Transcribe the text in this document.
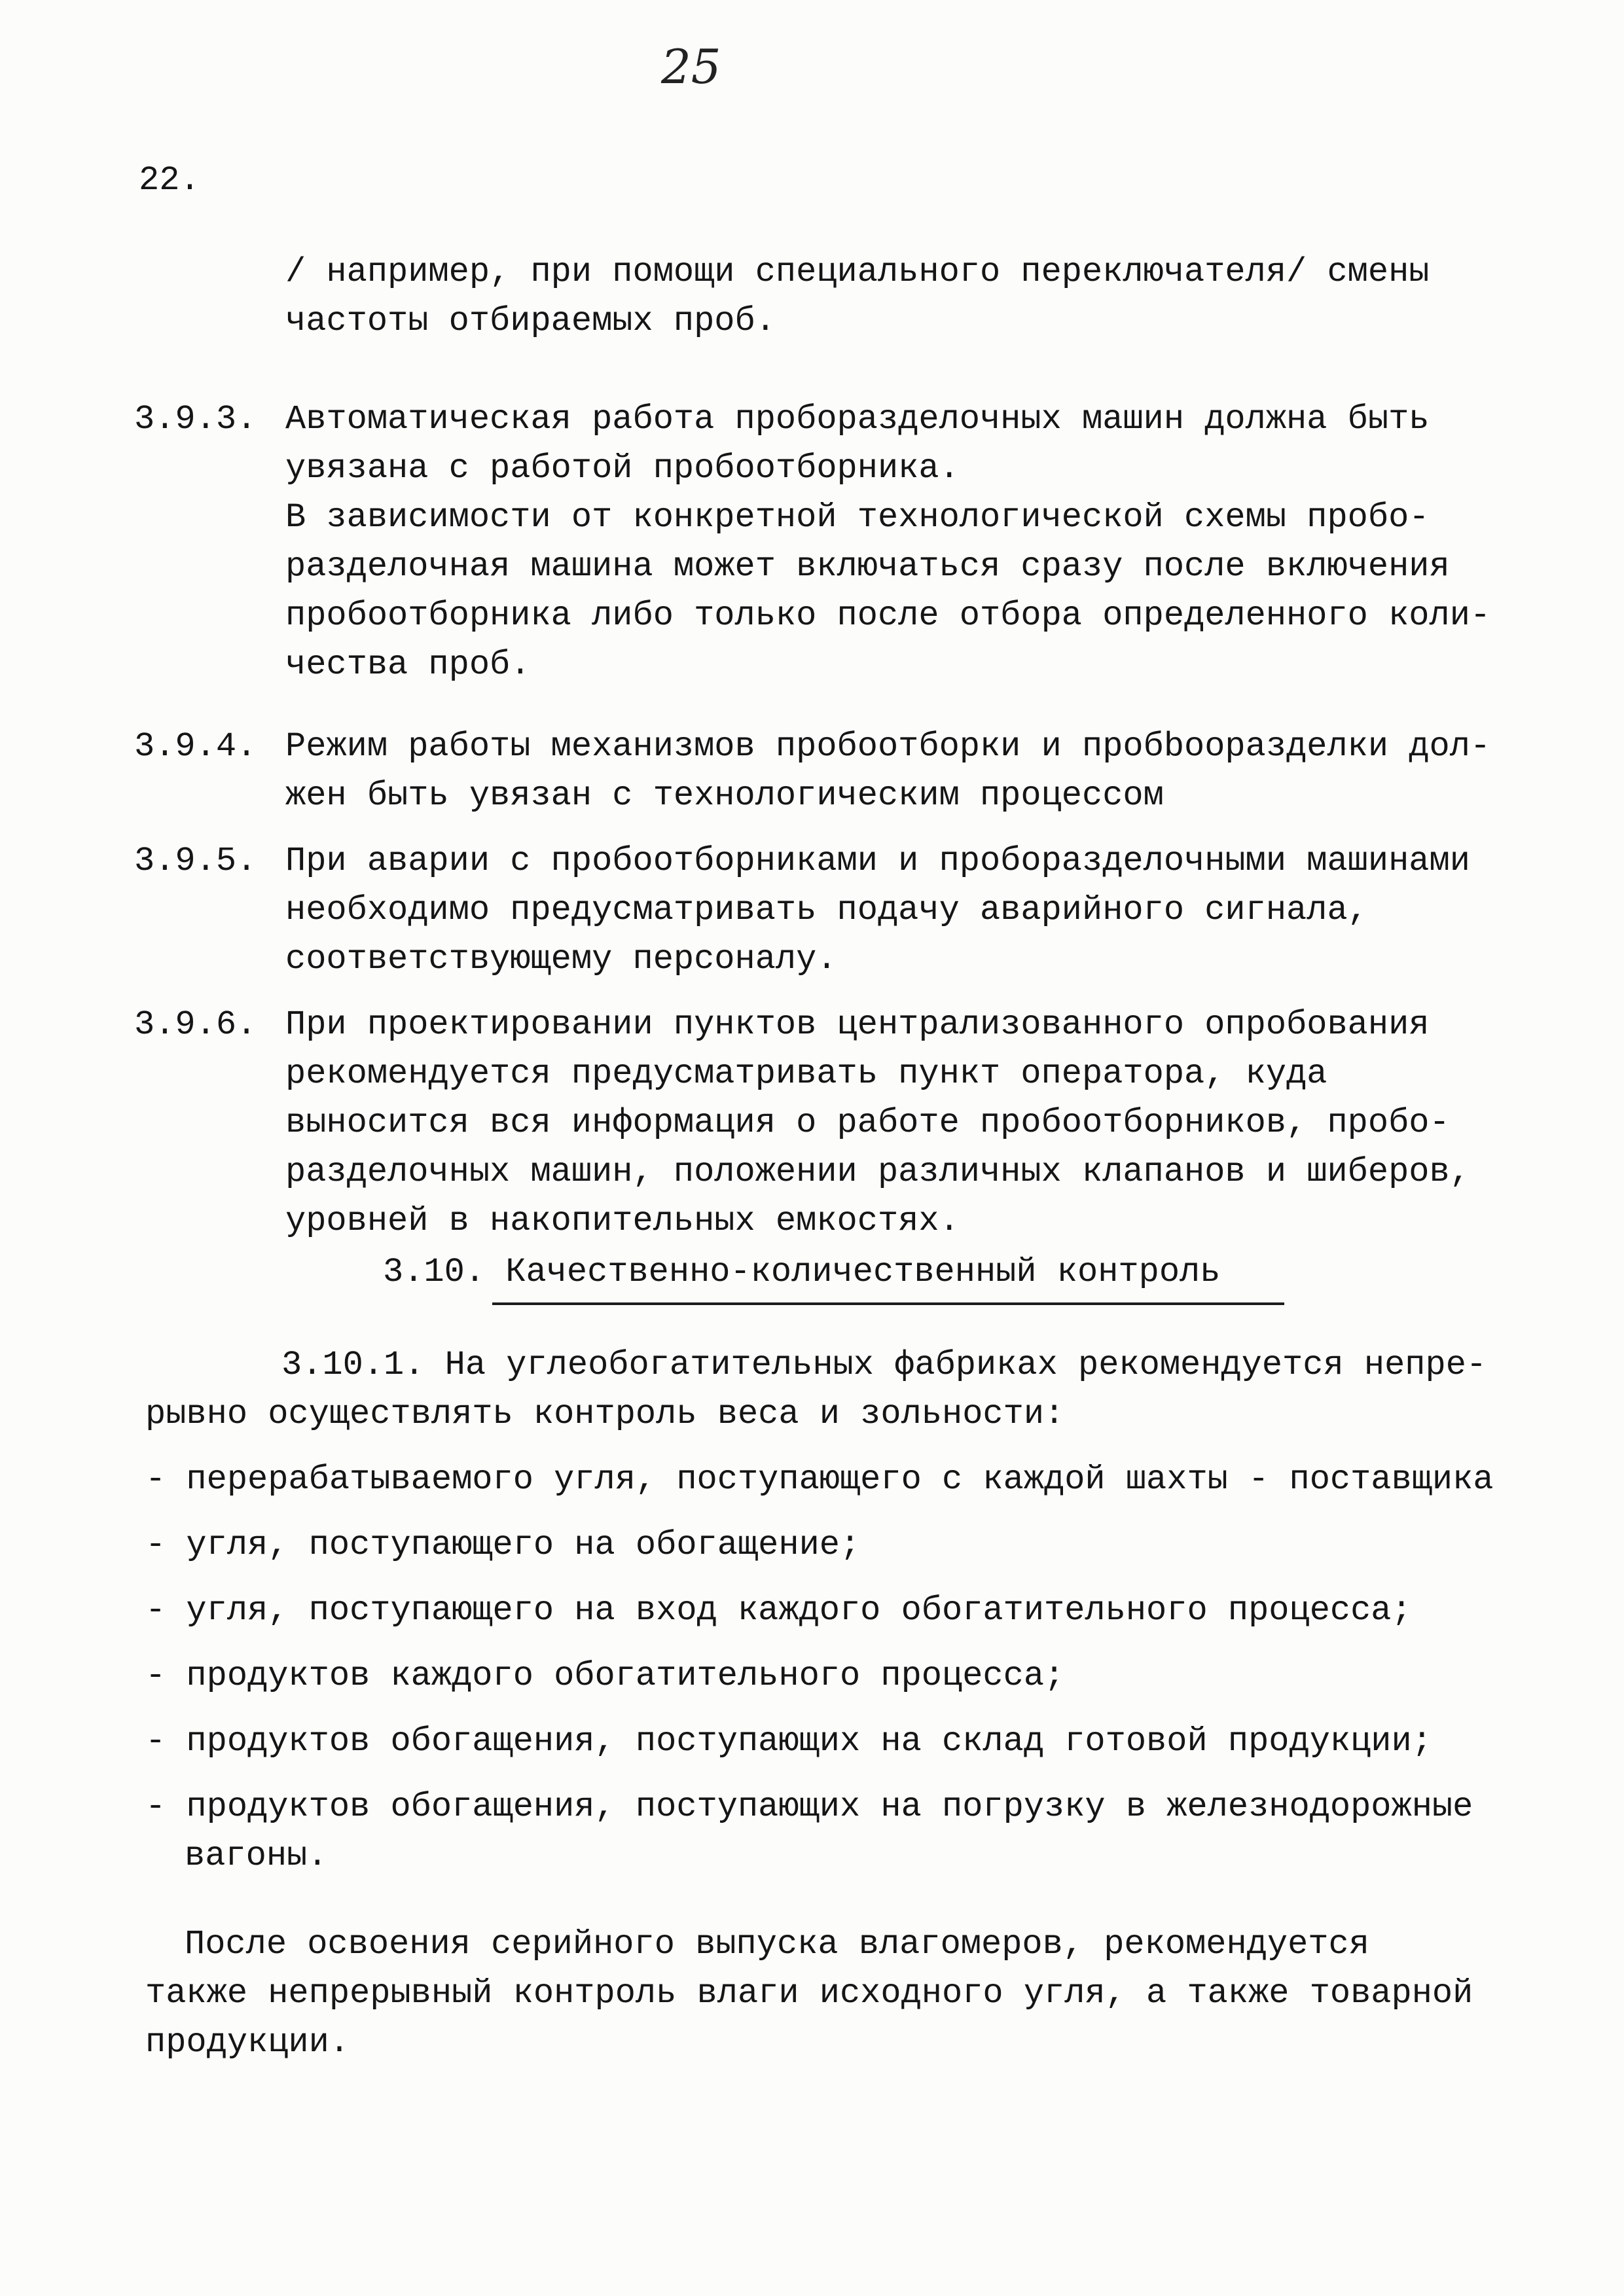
25
22.
/ например, при помощи специального переключателя/ смены
частоты отбираемых проб.
3.9.3. Автоматическая работа проборазделочных машин должна быть
увязана с работой пробоотборника.
В зависимости от конкретной технологической схемы пробо-
разделочная машина может включаться сразу после включения
пробоотборника либо только после отбора определенного коли-
чества проб.
3.9.4. Режим работы механизмов пробоотборки и пробbooразделки дол-
жен быть увязан с технологическим процессом
3.9.5. При аварии с пробоотборниками и пробоpазделочными машинами
необходимо предусматривать подачу аварийного сигнала,
соответствующему персоналу.
3.9.6. При проектировании пунктов централизованного опробования
рекомендуется предусматривать пункт оператора, куда
выносится вся информация о работе пробоотборников, пробо-
разделочных машин, положении различных клапанов и шиберов,
уровней в накопительных емкостях.
3.10. Качественно-количественный контроль
3.10.1. На углеобогатительных фабриках рекомендуется непре-
рывно осуществлять контроль веса и зольности:
- перерабатываемого угля, поступающего с каждой шахты - поставщика
- угля, поступающего на обогащение;
- угля, поступающего на вход каждого обогатительного процесса;
- продуктов каждого обогатительного процесса;
- продуктов обогащения, поступающих на склад готовой продукции;
- продуктов обогащения, поступающих на погрузку в железнодорожные
вагоны.
После освоения серийного выпуска влагомеров, рекомендуется
также непрерывный контроль влаги исходного угля, а также товарной
продукции.
